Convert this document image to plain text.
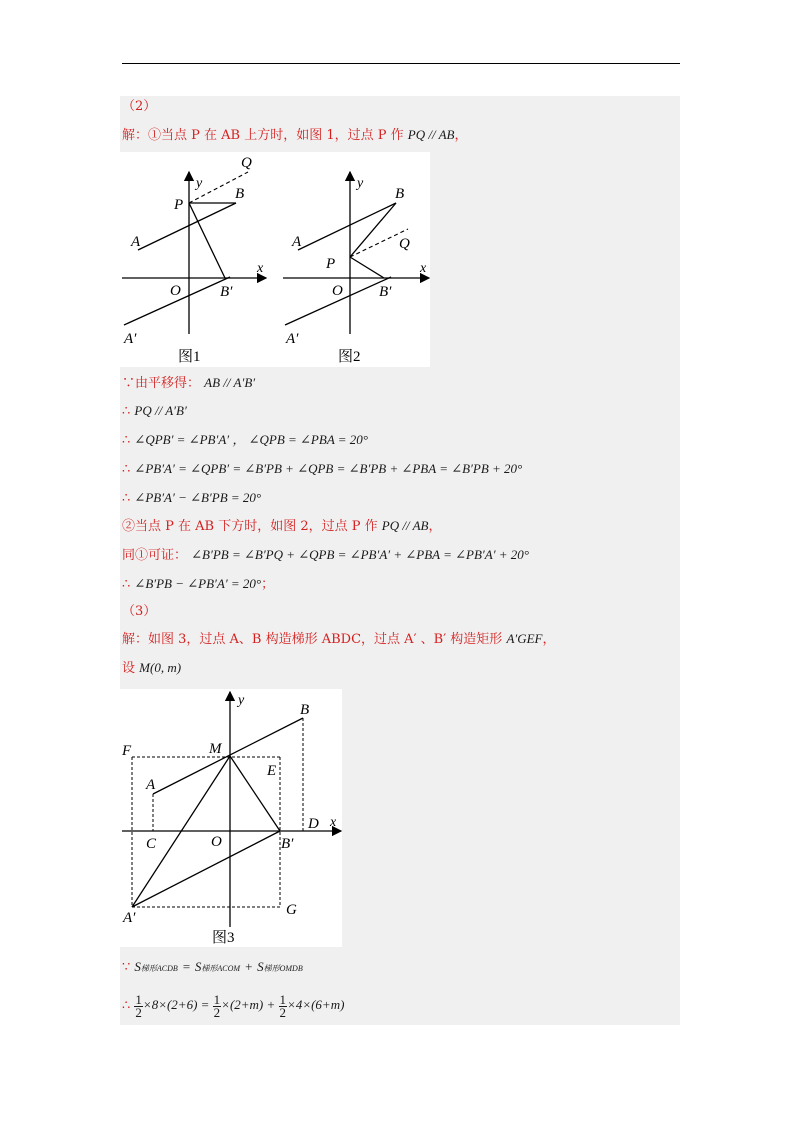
（2）
解：①当点 P 在 AB 上方时，如图 1，过点 P 作 PQ // AB，
Q
y
B
P
A
x
O	B′
A′
图1
y
B
Q
A
P	x
O B′
A′
图2
∵由平移得： AB // A′B′
∴ PQ // A′B′
∴ ∠QPB′ = ∠PB′A′ ， ∠QPB = ∠PBA = 20°
∴ ∠PB′A′ = ∠QPB′ = ∠B′PB + ∠QPB = ∠B′PB + ∠PBA = ∠B′PB + 20°
∴ ∠PB′A′ − ∠B′PB = 20°
②当点 P 在 AB 下方时，如图 2，过点 P 作 PQ // AB，
同①可证： ∠B′PB = ∠B′PQ + ∠QPB = ∠PB′A′ + ∠PBA = ∠PB′A′ + 20°
∴ ∠B′PB − ∠PB′A′ = 20°；
（3）
解：如图 3，过点 A、B 构造梯形 ABDC，过点 A′ 、B′ 构造矩形 A′GEF，
设 M(0, m)
y
B
F	M
E
A
D x
C	O	B′
A′	G
图3
∵ S梯形ACDB = S梯形ACOM + S梯形OMDB
∴ $\frac{1}{2} \times 8\times(2+6) = \frac{1}{2} \times(2+m) + \frac{1}{2} \times 4\times(6+m)$
